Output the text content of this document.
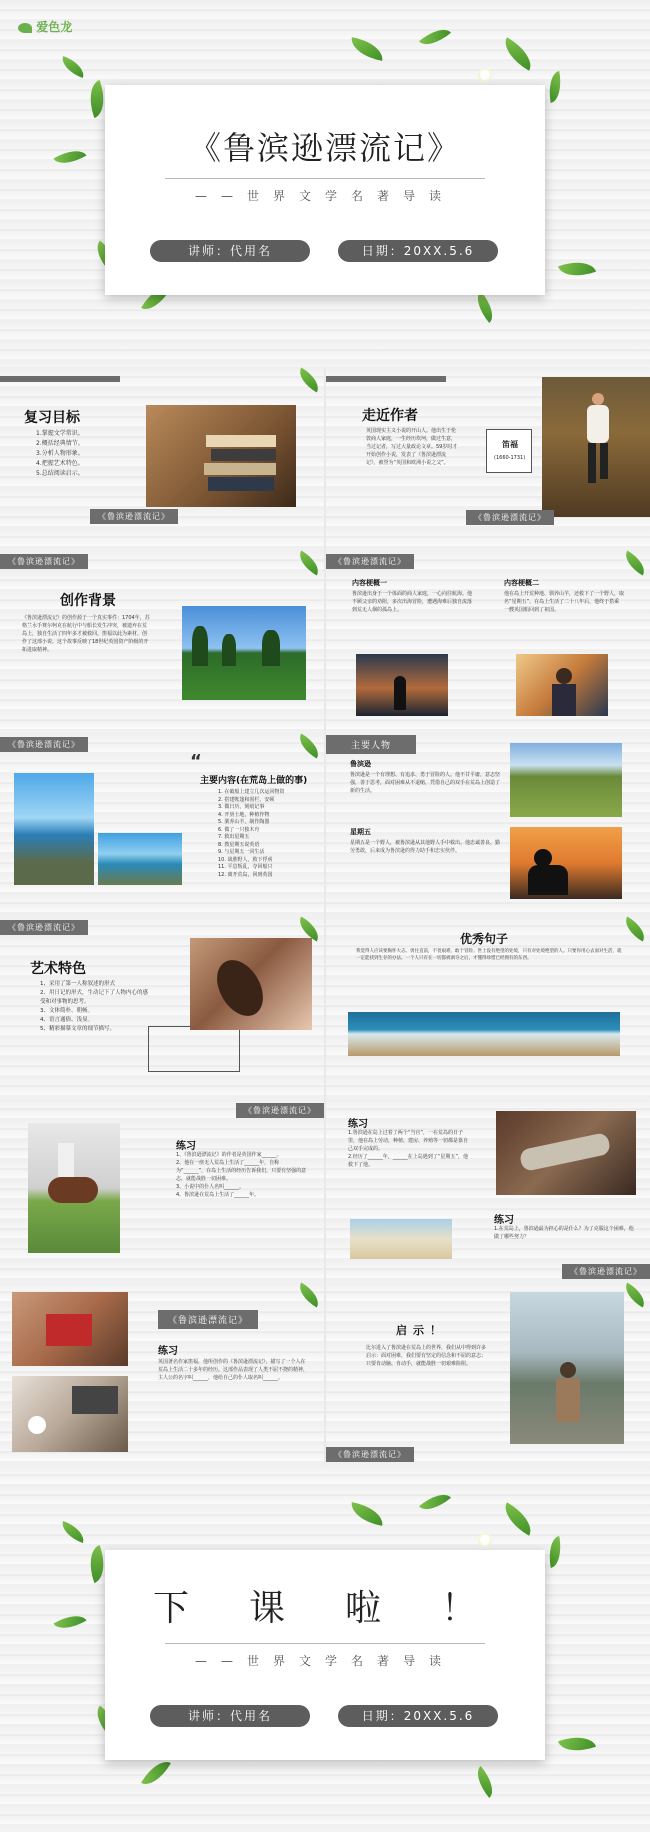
爱色龙
《鲁滨逊漂流记》
——世界文学名著导读
讲师：代用名	日期：20XX.5.6
复习目标
1.掌握文学常识。
2.概括经典情节。
3.分析人物形象。
4.把握艺术特色。
5.总结阅读启示。
《鲁滨逊漂流记》
走近作者
英国现实主义小说的开山人。他出生于伦敦商人家庭，一生经历坎坷，做过生意，当过记者，写过大量政论文章。59岁时才开始创作小说，发表了《鲁滨逊漂流记》，被誉为“英国和欧洲小说之父”。
笛福
(1660-1731)
《鲁滨逊漂流记》
《鲁滨逊漂流记》
创作背景
《鲁滨逊漂流记》的创作源于一个真实事件：1704年，苏格兰水手赛尔柯克在航行中与船长发生冲突，被遗弃在荒岛上，独自生活了四年多才被救回。笛福以此为素材，创作了这部小说。这个故事反映了18世纪英国资产阶级的开拓进取精神。
《鲁滨逊漂流记》
内容梗概一
鲁滨逊出身于一个体面的商人家庭，一心向往航海。他不顾父亲的劝阻，多次出海冒险，遭遇海难后独自流落到荒无人烟的孤岛上。
内容梗概二
他在岛上开荒种地、驯养山羊，还救下了一个野人，取名“星期五”。在岛上生活了二十八年后，他终于搭乘一艘英国船回到了祖国。
《鲁滨逊漂流记》
“
主要内容(在荒岛上做的事)
1. 在破船上建立几次运回物资
2. 搭建帐篷和围栏，安顿
3. 做日历，刻痕记事
4. 开垦土地，种植作物
5. 驯养山羊，制作陶器
6. 做了一只独木舟
7. 救出星期五
8. 教星期五说英语
9. 与星期五一同生活
10. 战胜野人，救下俘虏
11. 平息叛乱，夺回船只
12. 离开荒岛，回到英国
主要人物
鲁滨逊
鲁滨逊是一个有理想、有追求、勇于冒险的人。他不甘平庸，意志坚强，善于思考，面对困难从不退缩，凭借自己的双手在荒岛上创造了新的生活。
星期五
星期五是一个野人，被鲁滨逊从其他野人手中救出。他忠诚善良、勤劳勇敢，后来成为鲁滨逊的得力助手和忠实伙伴。
《鲁滨逊漂流记》
艺术特色
1、采用了第一人称叙述的形式
2、用日记的形式，生动记下了人物内心的感受和对事物的思考。
3、文体简朴、朝畅。
4、语言通俗、浅显。
5、精彩描摹文章的细节描写。
优秀句子
我觉得人应该要胸怀大志、勇往直前，不畏艰难，敢于冒险。世上没有绝望的处境，只有对处境绝望的人。只要你用心去面对生活，就一定能找到生存的办法。一个人只有在一切都被剥夺之后，才懂得珍惜已经拥有的东西。
《鲁滨逊漂流记》
练习
1、《鲁滨逊漂流记》的作者是英国作家______。
2、他在一座无人荒岛上生活了______年，自称为“______”，在岛上生活的经历告诉我们，只要有坚强的意志，就能战胜一切困难。
3、小说中的仆人名叫______。
4、鲁滨逊在荒岛上生活了______年。
练习
1.鲁滨逊在岛上过着了两个“当官”，一在荒岛的日子里，他在岛上劳动，种植、建房、养殖等一切都是靠自己双手完成的。
2.经历了______年，______在上岛遇到了“星期五”，他救下了他。
练习
1.在荒岛上，鲁滨逊最为担心的是什么？为了克服这个困难，他做了哪些努力？
《鲁滨逊漂流记》
《鲁滨逊漂流记》
练习
英国著名作家笛福，他所创作的《鲁滨逊漂流记》，描写了一个人在荒岛上生活二十多年的经历。这部作品表现了人类不屈不挠的精神，主人公的名字叫______，他给自己的仆人取名叫______。
启示！
比尔进入了鲁滨逊在荒岛上的世界，我们从中得到许多启示：面对困难，我们要有坚定的信念和不屈的意志；只要肯动脑、肯动手，就能战胜一切艰难险阻。
《鲁滨逊漂流记》
下课啦！
——世界文学名著导读
讲师：代用名	日期：20XX.5.6
